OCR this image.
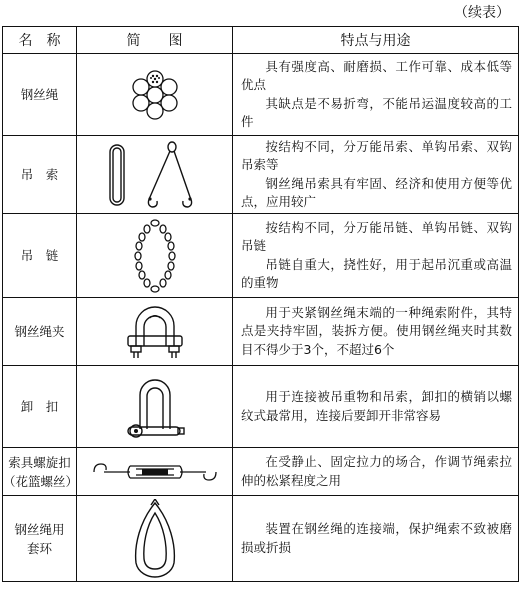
（续表）
名　称	简　　图	特点与用途

钢丝绳		具有强度高、耐磨损、工作可靠、成本低等优点

其缺点是不易折弯，不能吊运温度较高的工件

吊　索		按结构不同，分万能吊索、单钩吊索、双钩吊索等

钢丝绳吊索具有牢固、经济和使用方便等优点，应用较广

吊　链		按结构不同，分万能吊链、单钩吊链、双钩吊链

吊链自重大，挠性好，用于起吊沉重或高温的重物

钢丝绳夹		用于夹紧钢丝绳末端的一种绳索附件，其特点是夹持牢固，装拆方便。使用钢丝绳夹时其数目不得少于3个，不超过6个

卸　扣		用于连接被吊重物和吊索，卸扣的横销以螺纹式最常用，连接后要卸开非常容易

索具螺旋扣
（花篮螺丝）		在受静止、固定拉力的场合，作调节绳索拉伸的松紧程度之用

钢丝绳用
套环		装置在钢丝绳的连接端，保护绳索不致被磨损或折损
